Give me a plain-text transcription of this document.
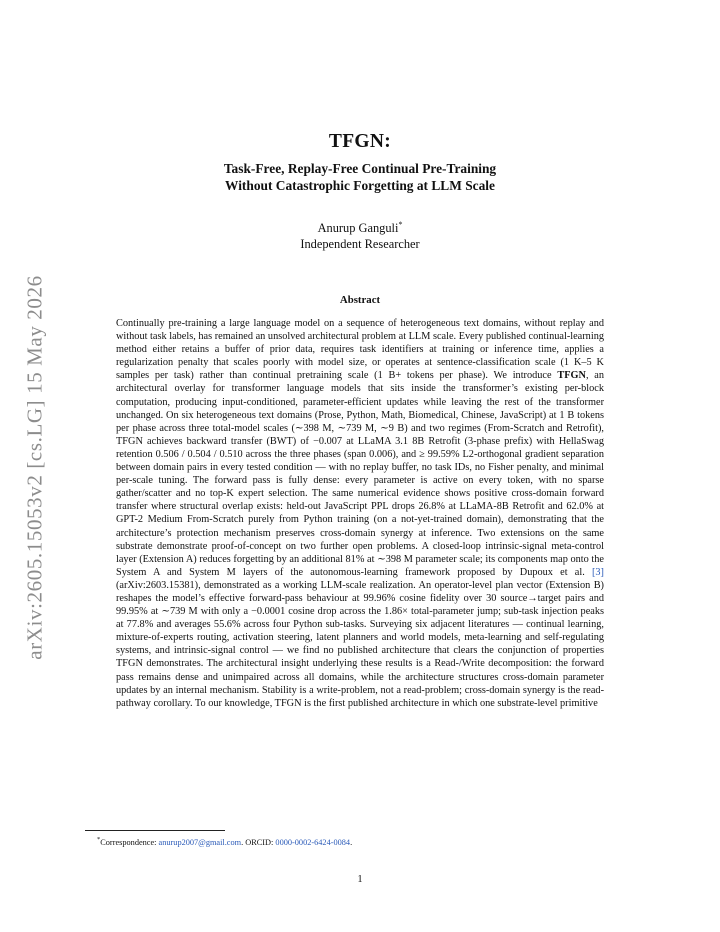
arXiv:2605.15053v2 [cs.LG] 15 May 2026
TFGN:
Task-Free, Replay-Free Continual Pre-Training
Without Catastrophic Forgetting at LLM Scale
Anurup Ganguli*
Independent Researcher
Abstract
Continually pre-training a large language model on a sequence of heterogeneous text domains, without replay and without task labels, has remained an unsolved architectural problem at LLM scale. Every published continual-learning method either retains a buffer of prior data, requires task identifiers at training or inference time, applies a regularization penalty that scales poorly with model size, or operates at sentence-classification scale (1 K–5 K samples per task) rather than continual pretraining scale (1 B+ tokens per phase). We introduce TFGN, an architectural overlay for transformer language models that sits inside the transformer’s existing per-block computation, producing input-conditioned, parameter-efficient updates while leaving the rest of the transformer unchanged. On six heterogeneous text domains (Prose, Python, Math, Biomedical, Chinese, JavaScript) at 1 B tokens per phase across three total-model scales (∼398 M, ∼739 M, ∼9 B) and two regimes (From-Scratch and Retrofit), TFGN achieves backward transfer (BWT) of −0.007 at LLaMA 3.1 8B Retrofit (3-phase prefix) with HellaSwag retention 0.506 / 0.504 / 0.510 across the three phases (span 0.006), and ≥ 99.59% L2-orthogonal gradient separation between domain pairs in every tested condition — with no replay buffer, no task IDs, no Fisher penalty, and minimal per-scale tuning. The forward pass is fully dense: every parameter is active on every token, with no sparse gather/scatter and no top-K expert selection. The same numerical evidence shows positive cross-domain forward transfer where structural overlap exists: held-out JavaScript PPL drops 26.8% at LLaMA-8B Retrofit and 62.0% at GPT-2 Medium From-Scratch purely from Python training (on a not-yet-trained domain), demonstrating that the architecture’s protection mechanism preserves cross-domain synergy at inference. Two extensions on the same substrate demonstrate proof-of-concept on two further open problems. A closed-loop intrinsic-signal meta-control layer (Extension A) reduces forgetting by an additional 81% at ∼398 M parameter scale; its components map onto the System A and System M layers of the autonomous-learning framework proposed by Dupoux et al. [3] (arXiv:2603.15381), demonstrated as a working LLM-scale realization. An operator-level plan vector (Extension B) reshapes the model’s effective forward-pass behaviour at 99.96% cosine fidelity over 30 source→target pairs and 99.95% at ∼739 M with only a −0.0001 cosine drop across the 1.86× total-parameter jump; sub-task injection peaks at 77.8% and averages 55.6% across four Python sub-tasks. Surveying six adjacent literatures — continual learning, mixture-of-experts routing, activation steering, latent planners and world models, meta-learning and self-regulating systems, and intrinsic-signal control — we find no published architecture that clears the conjunction of properties TFGN demonstrates. The architectural insight underlying these results is a Read-/Write decomposition: the forward pass remains dense and unimpaired across all domains, while the architecture structures cross-domain parameter updates by an internal mechanism. Stability is a write-problem, not a read-problem; cross-domain synergy is the read-pathway corollary. To our knowledge, TFGN is the first published architecture in which one substrate-level primitive
*Correspondence: anurup2007@gmail.com. ORCID: 0000-0002-6424-0084.
1
